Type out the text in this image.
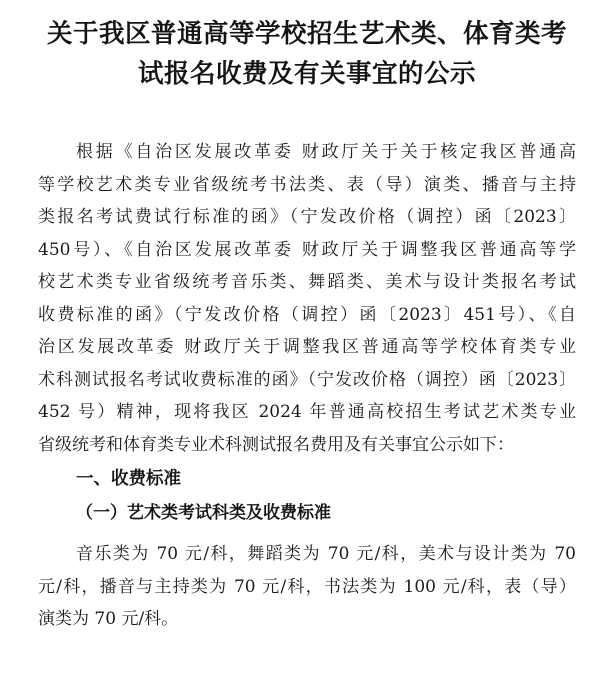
关于我区普通高等学校招生艺术类、体育类考
试报名收费及有关事宜的公示
根据《自治区发展改革委 财政厅关于关于核定我区普通高
等学校艺术类专业省级统考书法类、表（导）演类、播音与主持
类报名考试费试行标准的函》（宁发改价格（调控）函〔2023〕
450号）、《自治区发展改革委 财政厅关于调整我区普通高等学
校艺术类专业省级统考音乐类、舞蹈类、美术与设计类报名考试
收费标准的函》（宁发改价格（调控）函〔2023〕451号）、《自
治区发展改革委 财政厅关于调整我区普通高等学校体育类专业
术科测试报名考试收费标准的函》（宁发改价格（调控）函〔2023〕
452 号）精神，现将我区 2024 年普通高校招生考试艺术类专业
省级统考和体育类专业术科测试报名费用及有关事宜公示如下：
一、收费标准
（一）艺术类考试科类及收费标准
音乐类为 70 元/科，舞蹈类为 70 元/科，美术与设计类为 70
元/科，播音与主持类为 70 元/科，书法类为 100 元/科，表（导）
演类为 70 元/科。
